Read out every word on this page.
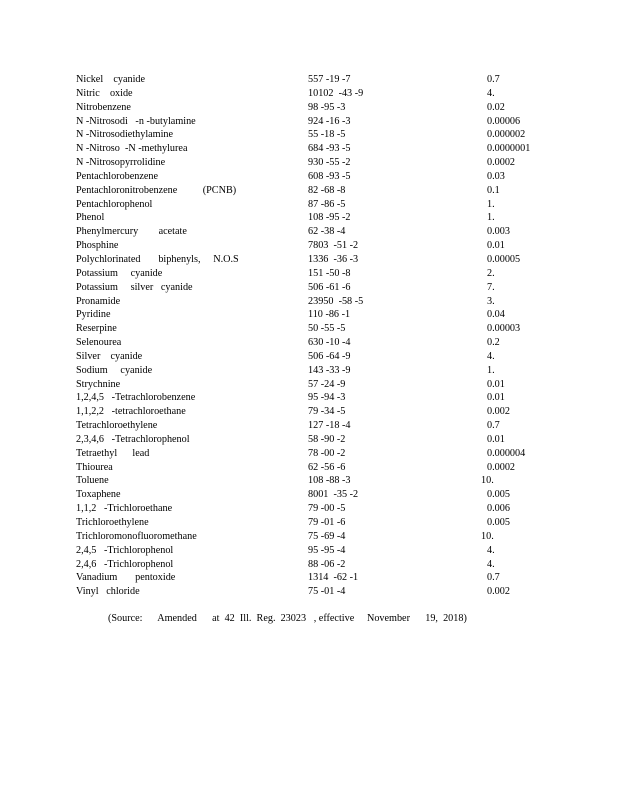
Nickel    cyanide	557 -19 -7	0.7
Nitric    oxide	10102  -43 -9	4.
Nitrobenzene	98 -95 -3	0.02
N -Nitrosodi   -n -butylamine	924 -16 -3	0.00006
N -Nitrosodiethylamine	55 -18 -5	0.000002
N -Nitroso  -N -methylurea	684 -93 -5	0.0000001
N -Nitrosopyrrolidine	930 -55 -2	0.0002
Pentachlorobenzene	608 -93 -5	0.03
Pentachloronitrobenzene          (PCNB)	82 -68 -8	0.1
Pentachlorophenol	87 -86 -5	1.
Phenol	108 -95 -2	1.
Phenylmercury        acetate	62 -38 -4	0.003
Phosphine	7803  -51 -2	0.01
Polychlorinated       biphenyls,     N.O.S	1336  -36 -3	0.00005
Potassium     cyanide	151 -50 -8	2.
Potassium     silver   cyanide	506 -61 -6	7.
Pronamide	23950  -58 -5	3.
Pyridine	110 -86 -1	0.04
Reserpine	50 -55 -5	0.00003
Selenourea	630 -10 -4	0.2
Silver    cyanide	506 -64 -9	4.
Sodium     cyanide	143 -33 -9	1.
Strychnine	57 -24 -9	0.01
1,2,4,5   -Tetrachlorobenzene	95 -94 -3	0.01
1,1,2,2   -tetrachloroethane	79 -34 -5	0.002
Tetrachloroethylene	127 -18 -4	0.7
2,3,4,6   -Tetrachlorophenol	58 -90 -2	0.01
Tetraethyl      lead	78 -00 -2	0.000004
Thiourea	62 -56 -6	0.0002
Toluene	108 -88 -3	10.
Toxaphene	8001  -35 -2	0.005
1,1,2   -Trichloroethane	79 -00 -5	0.006
Trichloroethylene	79 -01 -6	0.005
Trichloromonofluoromethane	75 -69 -4	10.
2,4,5   -Trichlorophenol	95 -95 -4	4.
2,4,6   -Trichlorophenol	88 -06 -2	4.
Vanadium       pentoxide	1314  -62 -1	0.7
Vinyl   chloride	75 -01 -4	0.002
(Source:      Amended      at  42  Ill.  Reg.  23023   , effective     November      19,  2018)
